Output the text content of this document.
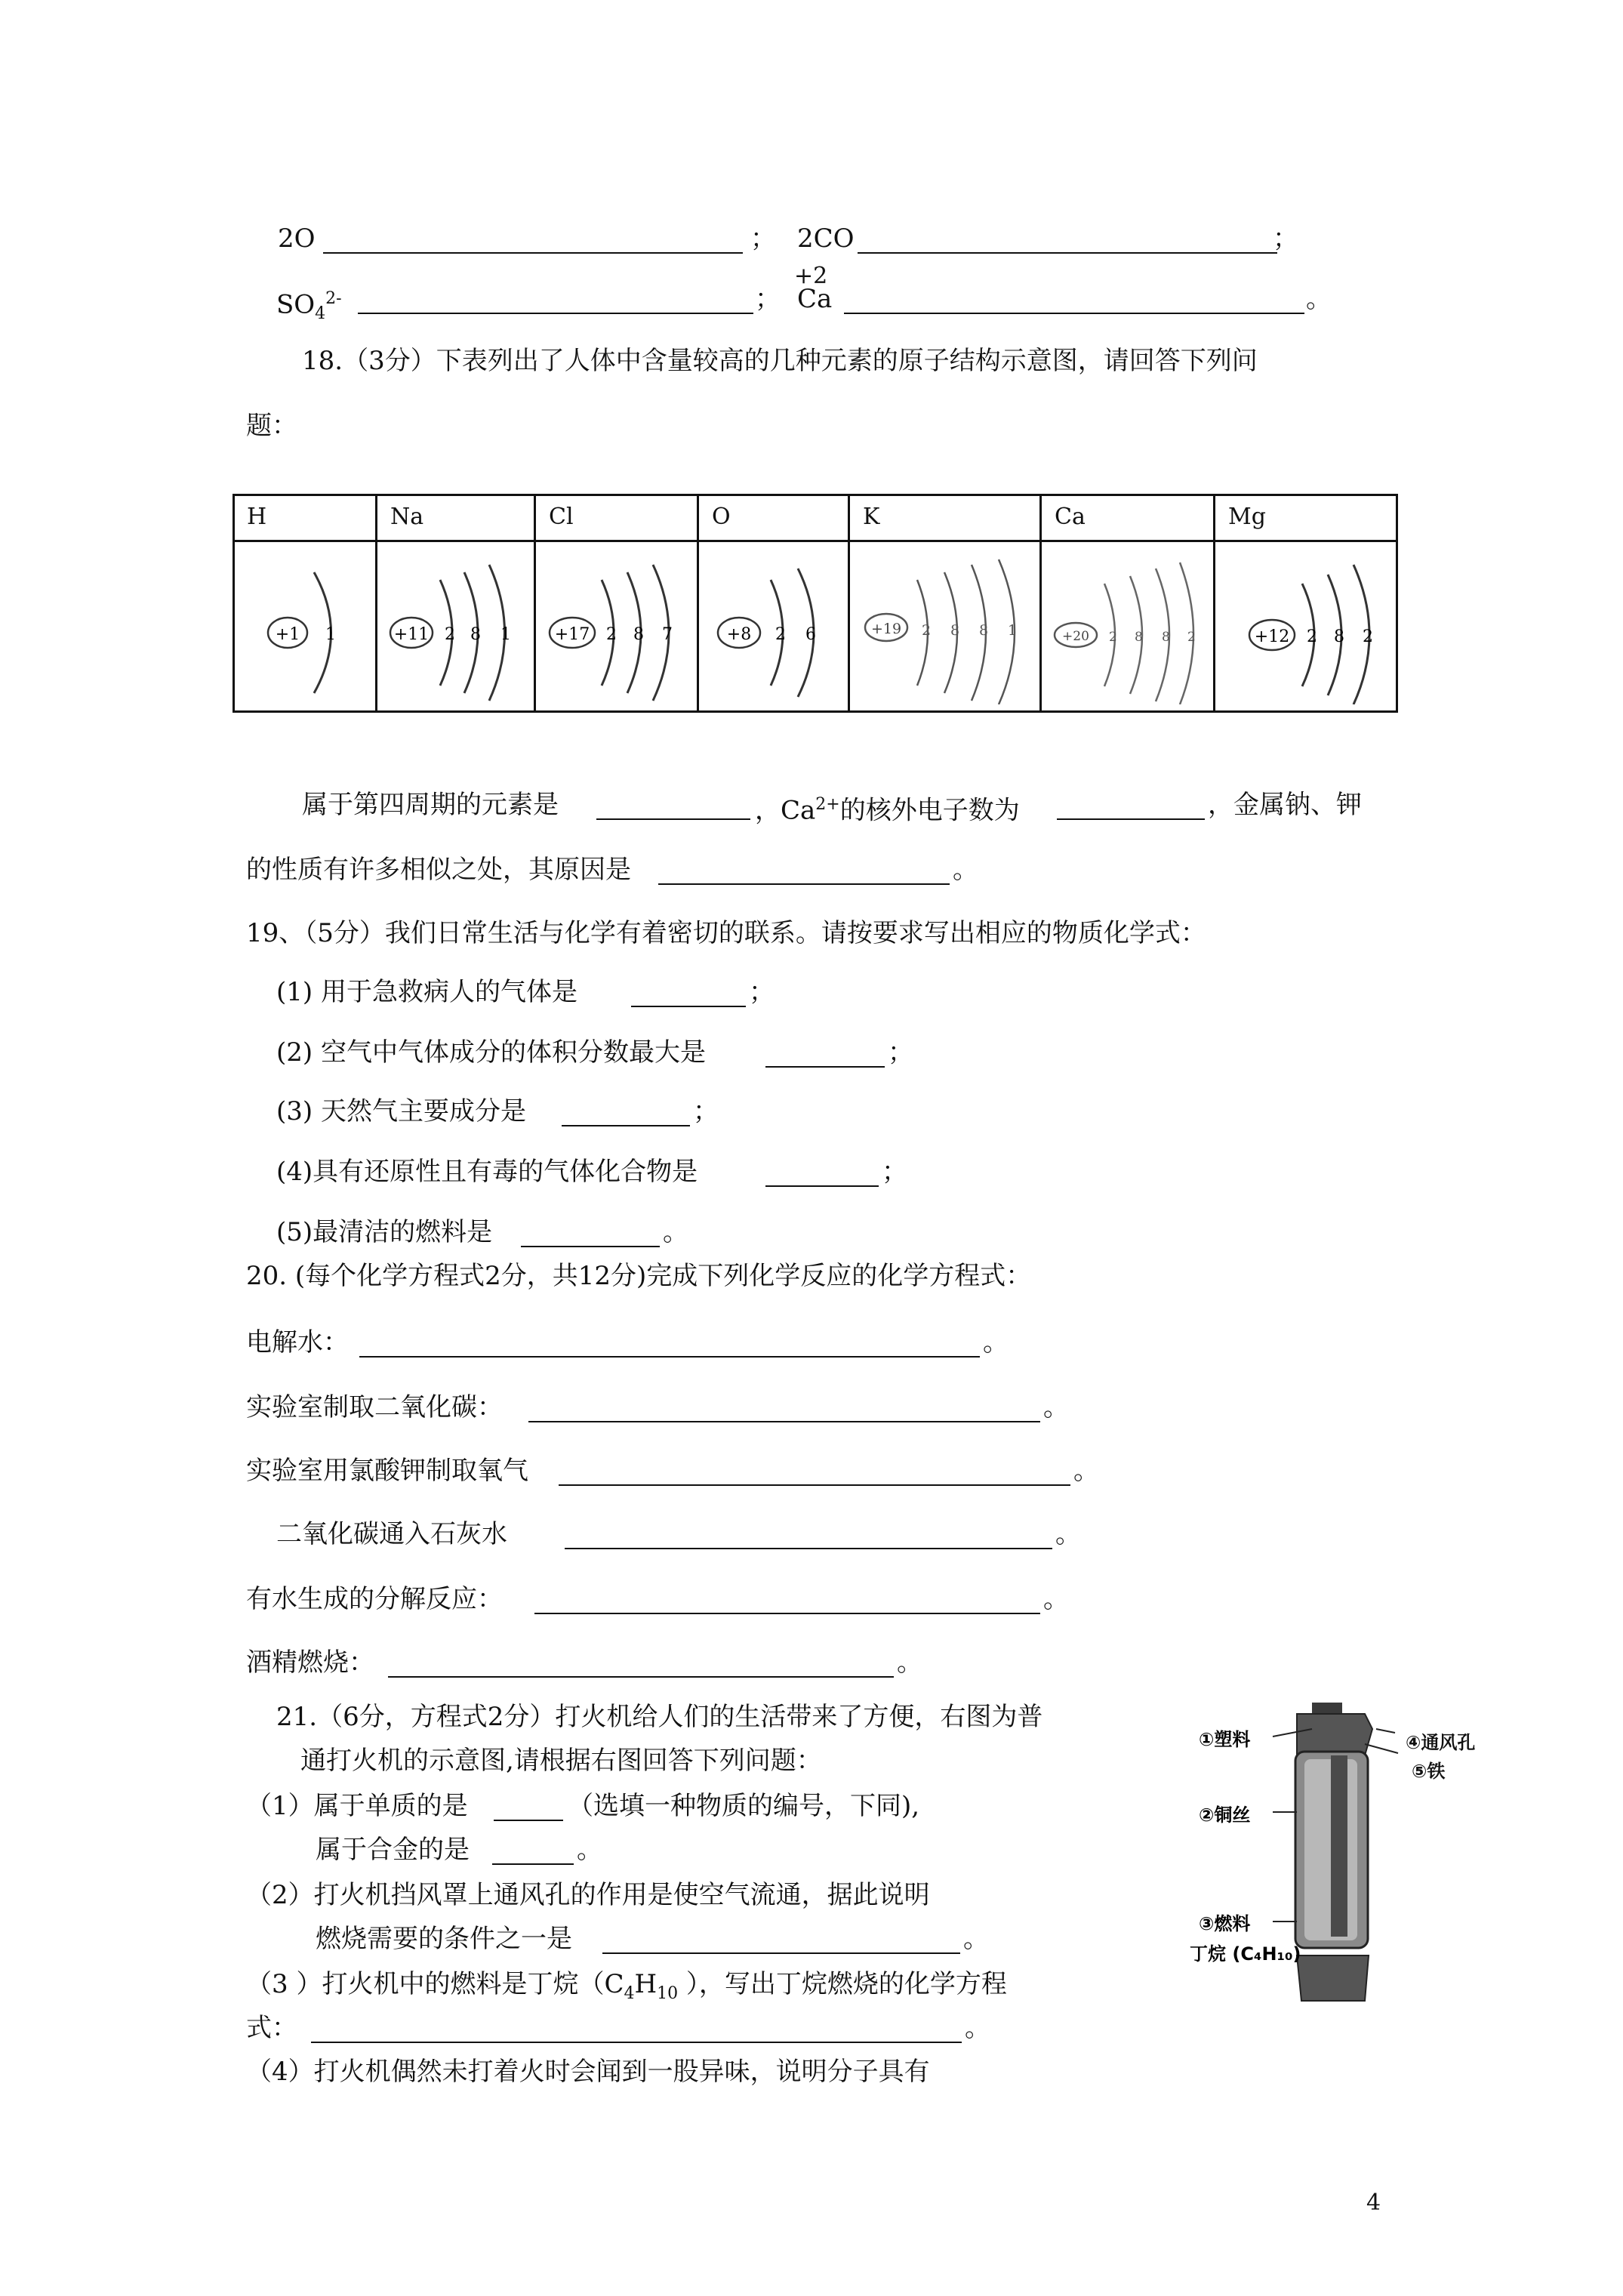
2O	； 2CO	；
$SO_4^{2-}$	；
+2
Ca	。
18.（3分）下表列出了人体中含量较高的几种元素的原子结构示意图，请回答下列问
题：
H	Na	Cl	O	K	Ca	Mg
+1 1	+11 2 8 1	+17 2 8 7	+8 2 6	+19 2 8 8 1	+20 2 8 8 2	+12 2 8 2
属于第四周期的元素是	，$Ca^{2+}$的核外电子数为	，金属钠、钾
的性质有许多相似之处，其原因是	。
19、（5分）我们日常生活与化学有着密切的联系。请按要求写出相应的物质化学式：
(1) 用于急救病人的气体是	；
(2) 空气中气体成分的体积分数最大是	；
(3) 天然气主要成分是	；
(4)具有还原性且有毒的气体化合物是	；
(5)最清洁的燃料是	。
20. (每个化学方程式2分，共12分)完成下列化学反应的化学方程式：
电解水：	。
实验室制取二氧化碳：	。
实验室用氯酸钾制取氧气	。
二氧化碳通入石灰水	。
有水生成的分解反应：	。
酒精燃烧：	。
21.（6分，方程式2分）打火机给人们的生活带来了方便，右图为普
通打火机的示意图,请根据右图回答下列问题：
（1）属于单质的是	（选填一种物质的编号，下同),
属于合金的是	。
（2）打火机挡风罩上通风孔的作用是使空气流通，据此说明
燃烧需要的条件之一是	。
（3 ）打火机中的燃料是丁烷（$C_4H_{10}$ ），写出丁烷燃烧的化学方程
式：	。
（4）打火机偶然未打着火时会闻到一股异味，说明分子具有
①塑料
②铜丝
③燃料
丁烷 (C₄H₁₀)
④通风孔
⑤铁
4
